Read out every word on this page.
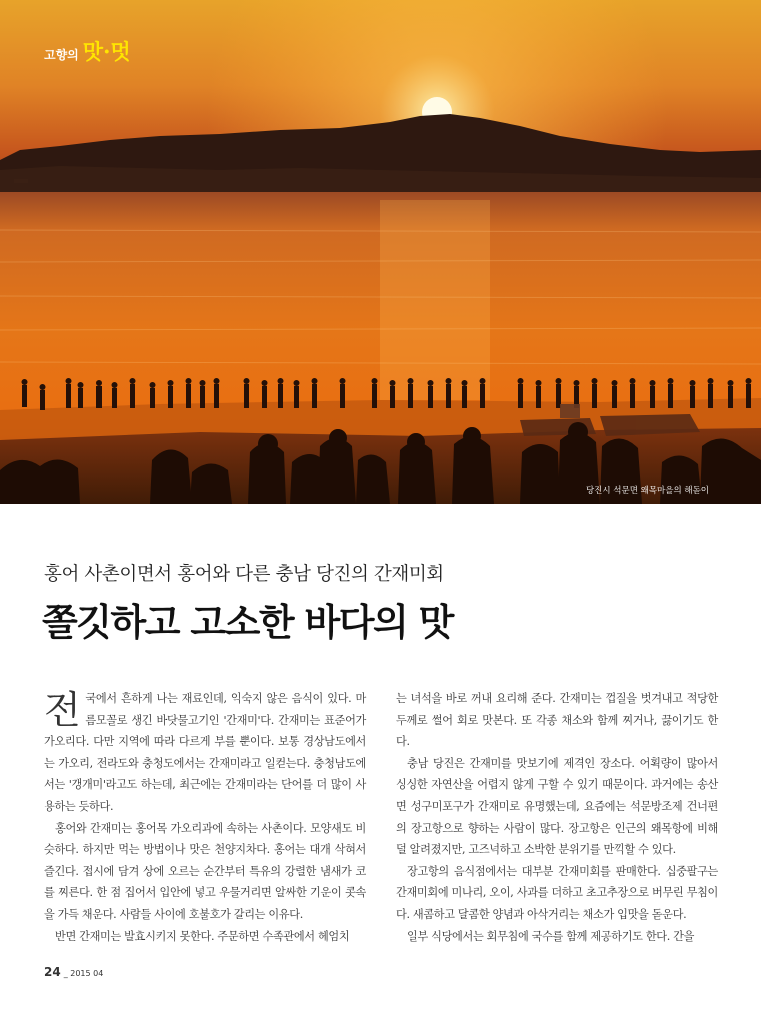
고향의 맛·멋
당진시 석문면 왜목마을의 해돋이
홍어 사촌이면서 홍어와 다른 충남 당진의 간재미회
쫄깃하고 고소한 바다의 맛

전국에서 흔하게 나는 재료인데, 익숙지 않은 음식이 있다. 마름모꼴로 생긴 바닷물고기인 '간재미'다. 간재미는 표준어가 가오리다. 다만 지역에 따라 다르게 부를 뿐이다. 보통 경상남도에서는 가오리, 전라도와 충청도에서는 간재미라고 일컫는다. 충청남도에서는 '갱개미'라고도 하는데, 최근에는 간재미라는 단어를 더 많이 사용하는 듯하다.

홍어와 간재미는 홍어목 가오리과에 속하는 사촌이다. 모양새도 비슷하다. 하지만 먹는 방법이나 맛은 천양지차다. 홍어는 대개 삭혀서 즐긴다. 접시에 담겨 상에 오르는 순간부터 특유의 강렬한 냄새가 코를 찌른다. 한 점 집어서 입안에 넣고 우물거리면 알싸한 기운이 콧속을 가득 채운다. 사람들 사이에 호불호가 갈리는 이유다.

반면 간재미는 발효시키지 못한다. 주문하면 수족관에서 헤엄치

는 녀석을 바로 꺼내 요리해 준다. 간재미는 껍질을 벗겨내고 적당한 두께로 썰어 회로 맛본다. 또 각종 채소와 함께 찌거나, 끓이기도 한다.

충남 당진은 간재미를 맛보기에 제격인 장소다. 어획량이 많아서 싱싱한 자연산을 어렵지 않게 구할 수 있기 때문이다. 과거에는 송산면 성구미포구가 간재미로 유명했는데, 요즘에는 석문방조제 건너편의 장고항으로 향하는 사람이 많다. 장고항은 인근의 왜목항에 비해 덜 알려졌지만, 고즈넉하고 소박한 분위기를 만끽할 수 있다.

장고항의 음식점에서는 대부분 간재미회를 판매한다. 십중팔구는 간재미회에 미나리, 오이, 사과를 더하고 초고추장으로 버무린 무침이다. 새콤하고 달콤한 양념과 아삭거리는 채소가 입맛을 돋운다.

일부 식당에서는 회무침에 국수를 함께 제공하기도 한다. 간을

24 _ 2015 04
